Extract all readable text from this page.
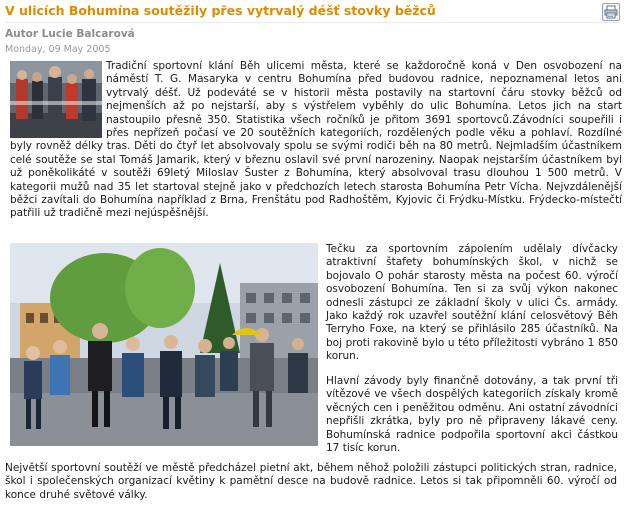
V ulicích Bohumína soutěžily přes vytrvalý déšť stovky běžců
Autor Lucie Balcarová
Monday, 09 May 2005
Tradiční sportovní klání Běh ulicemi města, které se každoročně koná v Den osvobození na náměstí T. G. Masaryka v centru Bohumína před budovou radnice, nepoznamenal letos ani vytrvalý déšť. Už podeváté se v historii města postavily na startovní čáru stovky běžců od nejmenších až po nejstarší, aby s výstřelem vyběhly do ulic Bohumína. Letos jich na start nastoupilo přesně 350. Statistika všech ročníků je přitom 3691 sportovců.Závodníci soupeřili i přes nepřízeň počasí ve 20 soutěžních kategoriích, rozdělených podle věku a pohlaví. Rozdílné byly rovněž délky tras. Děti do čtyř let absolvovaly spolu se svými rodiči běh na 80 metrů. Nejmladším účastníkem celé soutěže se stal Tomáš Jamarik, který v březnu oslavil své první narozeniny. Naopak nejstarším účastníkem byl už poněkolikáté v soutěži 69letý Miloslav Šuster z Bohumína, který absolvoval trasu dlouhou 1 500 metrů. V kategorii mužů nad 35 let startoval stejně jako v předchozích letech starosta Bohumína Petr Vícha. Nejvzdálenější běžci zavítali do Bohumína například z Brna, Frenštátu pod Radhoštěm, Kyjovic či Frýdku-Místku. Frýdecko-místečtí patřili už tradičně mezi nejúspěšnější.
Tečku za sportovním zápolením udělaly dívčacky atraktivní štafety bohumínských škol, v nichž se bojovalo O pohár starosty města na počest 60. výročí osvobození Bohumína. Ten si za svůj výkon nakonec odnesli zástupci ze základní školy v ulici Čs. armády. Jako každý rok uzavřel soutěžní klání celosvětový Běh Terryho Foxe, na který se přihlásilo 285 účastníků. Na boj proti rakovině bylo u této příležitosti vybráno 1 850 korun.
Hlavní závody byly finančně dotovány, a tak první tři vítězové ve všech dospělých kategoriích získaly kromě věcných cen i peněžitou odměnu. Ani ostatní závodníci nepřišli zkrátka, byly pro ně připraveny lákavé ceny. Bohumínská radnice podpořila sportovní akci částkou 17 tisíc korun.
Největší sportovní soutěží ve městě předcházel pietní akt, během něhož položili zástupci politických stran, radnice, škol i společenských organizací květiny k pamětní desce na budově radnice. Letos si tak připomněli 60. výročí od konce druhé světové války.
